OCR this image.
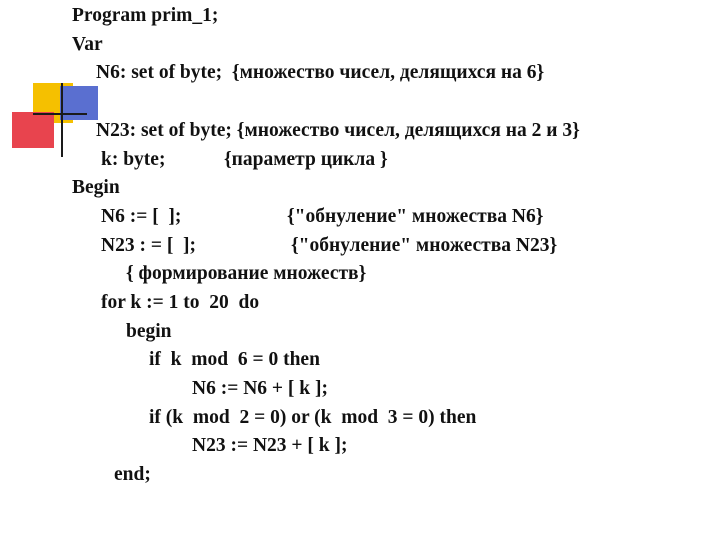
Program prim_1;
Var
N6: set of byte;  {множество чисел, делящихся на 6}
N23: set of byte; {множество чисел, делящихся на 2 и 3}
k: byte;            {параметр цикла }
Begin
N6 := [  ];	{"обнуление" множества N6}
N23 : = [  ];	{"обнуление" множества N23}
{ формирование множеств}
for k := 1 to  20  do
begin
if  k  mod  6 = 0 then
N6 := N6 + [ k ];
if (k  mod  2 = 0) or (k  mod  3 = 0) then
N23 := N23 + [ k ];
end;
